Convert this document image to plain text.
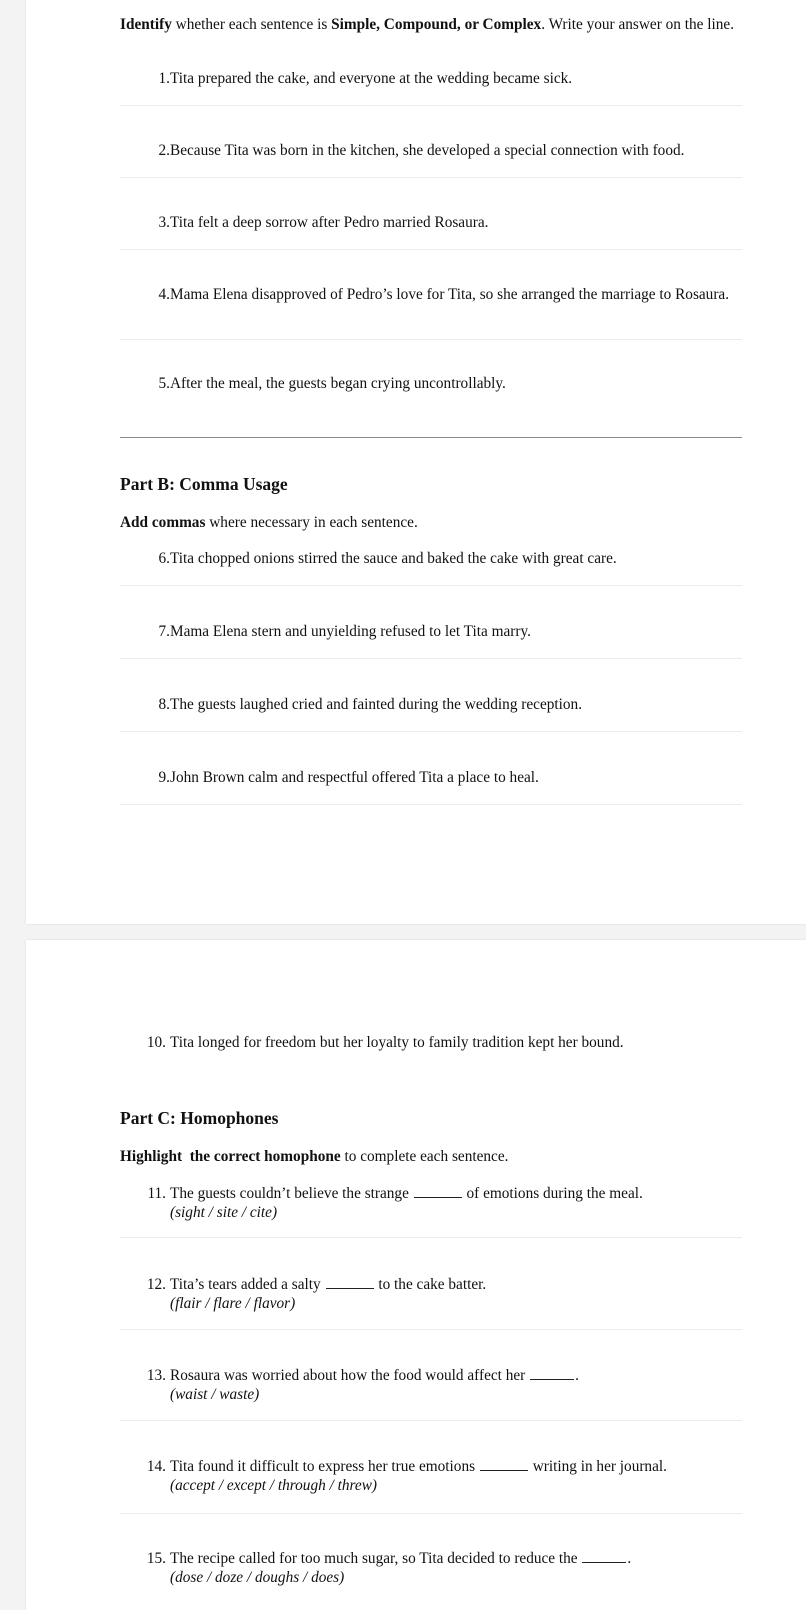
Identify whether each sentence is Simple, Compound, or Complex. Write your answer on the line.
1. Tita prepared the cake, and everyone at the wedding became sick.
2. Because Tita was born in the kitchen, she developed a special connection with food.
3. Tita felt a deep sorrow after Pedro married Rosaura.
4. Mama Elena disapproved of Pedro’s love for Tita, so she arranged the marriage to Rosaura.
5. After the meal, the guests began crying uncontrollably.
Part B: Comma Usage
Add commas where necessary in each sentence.
6. Tita chopped onions stirred the sauce and baked the cake with great care.
7. Mama Elena stern and unyielding refused to let Tita marry.
8. The guests laughed cried and fainted during the wedding reception.
9. John Brown calm and respectful offered Tita a place to heal.
10. Tita longed for freedom but her loyalty to family tradition kept her bound.
Part C: Homophones
Highlight  the correct homophone to complete each sentence.
11. The guests couldn’t believe the strange	of emotions during the meal.
(sight / site / cite)
12. Tita’s tears added a salty	to the cake batter.
(flair / flare / flavor)
13. Rosaura was worried about how the food would affect her	.
(waist / waste)
14. Tita found it difficult to express her true emotions	writing in her journal.
(accept / except / through / threw)
15. The recipe called for too much sugar, so Tita decided to reduce the	.
(dose / doze / doughs / does)
